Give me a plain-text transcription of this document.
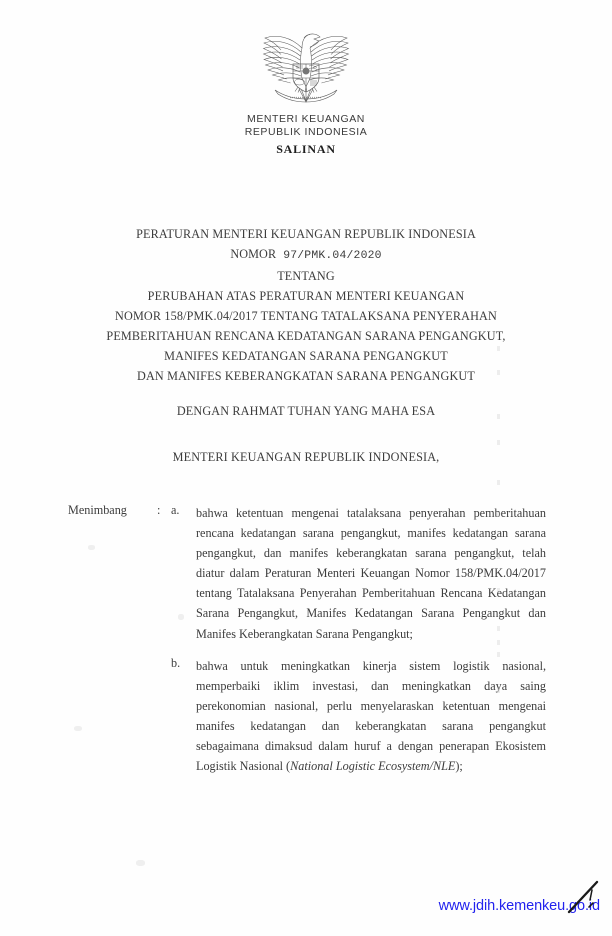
MENTERI KEUANGAN
REPUBLIK INDONESIA
SALINAN
PERATURAN MENTERI KEUANGAN REPUBLIK INDONESIA
NOMOR 97/PMK.04/2020
TENTANG
PERUBAHAN ATAS PERATURAN MENTERI KEUANGAN
NOMOR 158/PMK.04/2017 TENTANG TATALAKSANA PENYERAHAN
PEMBERITAHUAN RENCANA KEDATANGAN SARANA PENGANGKUT,
MANIFES KEDATANGAN SARANA PENGANGKUT
DAN MANIFES KEBERANGKATAN SARANA PENGANGKUT
DENGAN RAHMAT TUHAN YANG MAHA ESA
MENTERI KEUANGAN REPUBLIK INDONESIA,
Menimbang : a. bahwa ketentuan mengenai tatalaksana penyerahan pemberitahuan rencana kedatangan sarana pengangkut, manifes kedatangan sarana pengangkut, dan manifes keberangkatan sarana pengangkut, telah diatur dalam Peraturan Menteri Keuangan Nomor 158/PMK.04/2017 tentang Tatalaksana Penyerahan Pemberitahuan Rencana Kedatangan Sarana Pengangkut, Manifes Kedatangan Sarana Pengangkut dan Manifes Keberangkatan Sarana Pengangkut;
b. bahwa untuk meningkatkan kinerja sistem logistik nasional, memperbaiki iklim investasi, dan meningkatkan daya saing perekonomian nasional, perlu menyelaraskan ketentuan mengenai manifes kedatangan dan keberangkatan sarana pengangkut sebagaimana dimaksud dalam huruf a dengan penerapan Ekosistem Logistik Nasional (National Logistic Ecosystem/NLE);
www.jdih.kemenkeu.go.id
